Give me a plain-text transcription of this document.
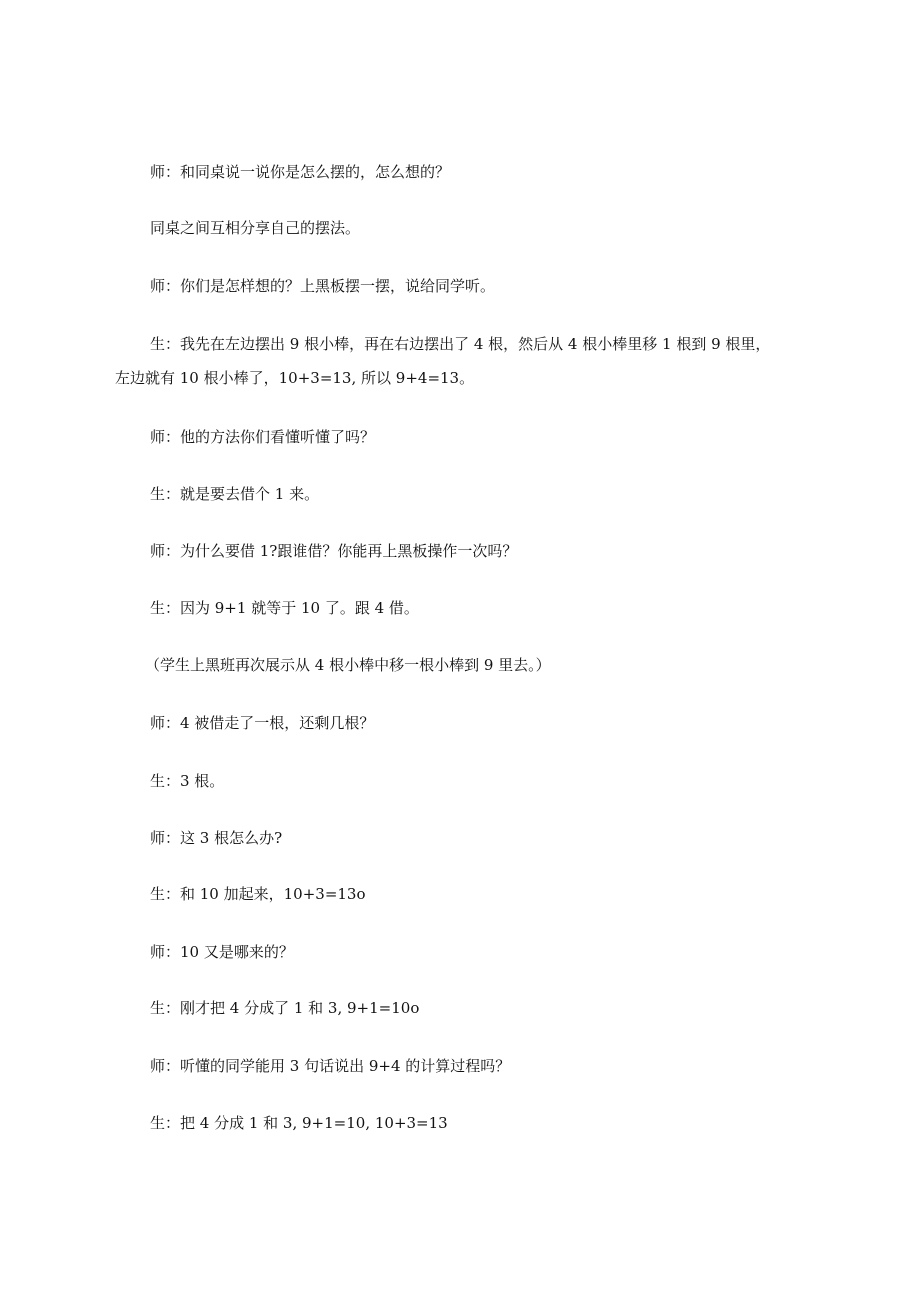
师：和同桌说一说你是怎么摆的，怎么想的？

同桌之间互相分享自己的摆法。

师：你们是怎样想的？上黑板摆一摆，说给同学听。

生：我先在左边摆出 9 根小棒，再在右边摆出了 4 根，然后从 4 根小棒里移 1 根到 9 根里，
左边就有 10 根小棒了，10+3=13, 所以 9+4=13。

师：他的方法你们看懂听懂了吗？

生：就是要去借个 1 来。

师：为什么要借 1?跟谁借？你能再上黑板操作一次吗？

生：因为 9+1 就等于 10 了。跟 4 借。

（学生上黑班再次展示从 4 根小棒中移一根小棒到 9 里去。）

师：4 被借走了一根，还剩几根？

生：3 根。

师：这 3 根怎么办?

生：和 10 加起来，10+3=13o

师：10 又是哪来的？

生：刚才把 4 分成了 1 和 3, 9+1=10o

师：听懂的同学能用 3 句话说出 9+4 的计算过程吗？

生：把 4 分成 1 和 3, 9+1=10, 10+3=13
